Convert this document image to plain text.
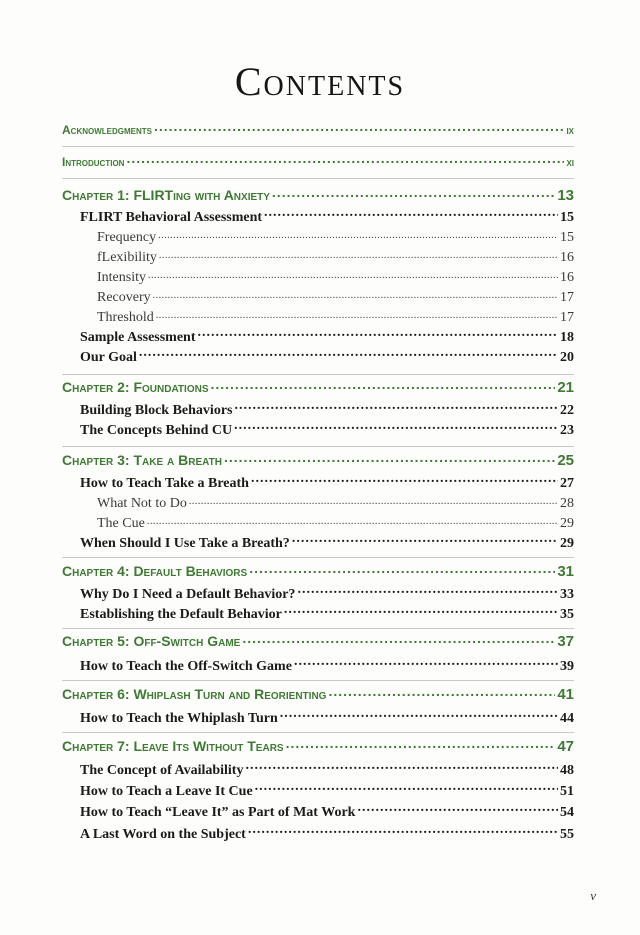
Contents
Acknowledgments .....	ix
Introduction .....	xi
Chapter 1: FLIRTing with Anxiety .....	13
FLIRT Behavioral Assessment .....	15
Frequency .....	15
fLexibility .....	16
Intensity .....	16
Recovery .....	17
Threshold .....	17
Sample Assessment .....	18
Our Goal .....	20
Chapter 2: Foundations .....	21
Building Block Behaviors .....	22
The Concepts Behind CU .....	23
Chapter 3: Take a Breath .....	25
How to Teach Take a Breath .....	27
What Not to Do .....	28
The Cue .....	29
When Should I Use Take a Breath? .....	29
Chapter 4: Default Behaviors .....	31
Why Do I Need a Default Behavior? .....	33
Establishing the Default Behavior .....	35
Chapter 5: Off-Switch Game .....	37
How to Teach the Off-Switch Game .....	39
Chapter 6: Whiplash Turn and Reorienting .....	41
How to Teach the Whiplash Turn .....	44
Chapter 7: Leave Its Without Tears .....	47
The Concept of Availability .....	48
How to Teach a Leave It Cue .....	51
How to Teach “Leave It” as Part of Mat Work .....	54
A Last Word on the Subject .....	55
v
